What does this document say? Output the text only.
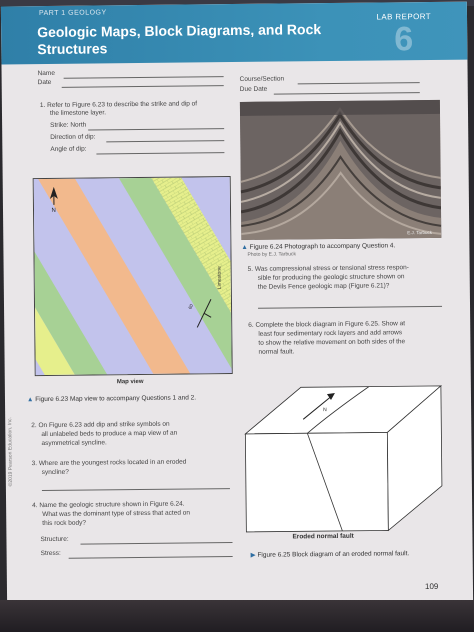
PART 1 GEOLOGY
Geologic Maps, Block Diagrams, and Rock
Structures
LAB REPORT
6
Name
Date	Course/Section
Due Date
1. Refer to Figure 6.23 to describe the strike and dip of
the limestone layer.
Strike: North
Direction of dip:
Angle of dip:
N
Limestone
60
Map view
▲ Figure 6.23 Map view to accompany Questions 1 and 2.
E.J. Tarbuck
▲ Figure 6.24 Photograph to accompany Question 4.
Photo by E.J. Tarbuck
5. Was compressional stress or tensional stress respon-
sible for producing the geologic structure shown on
the Devils Fence geologic map (Figure 6.21)?
6. Complete the block diagram in Figure 6.25. Show at
least four sedimentary rock layers and add arrows
to show the relative movement on both sides of the
normal fault.
2. On Figure 6.23 add dip and strike symbols on
all unlabeled beds to produce a map view of an
asymmetrical syncline.
3. Where are the youngest rocks located in an eroded
syncline?
4. Name the geologic structure shown in Figure 6.24.
What was the dominant type of stress that acted on
this rock body?
Structure:
Stress:
N
Eroded normal fault
▶ Figure 6.25 Block diagram of an eroded normal fault.
109
©2019 Pearson Education, Inc.
